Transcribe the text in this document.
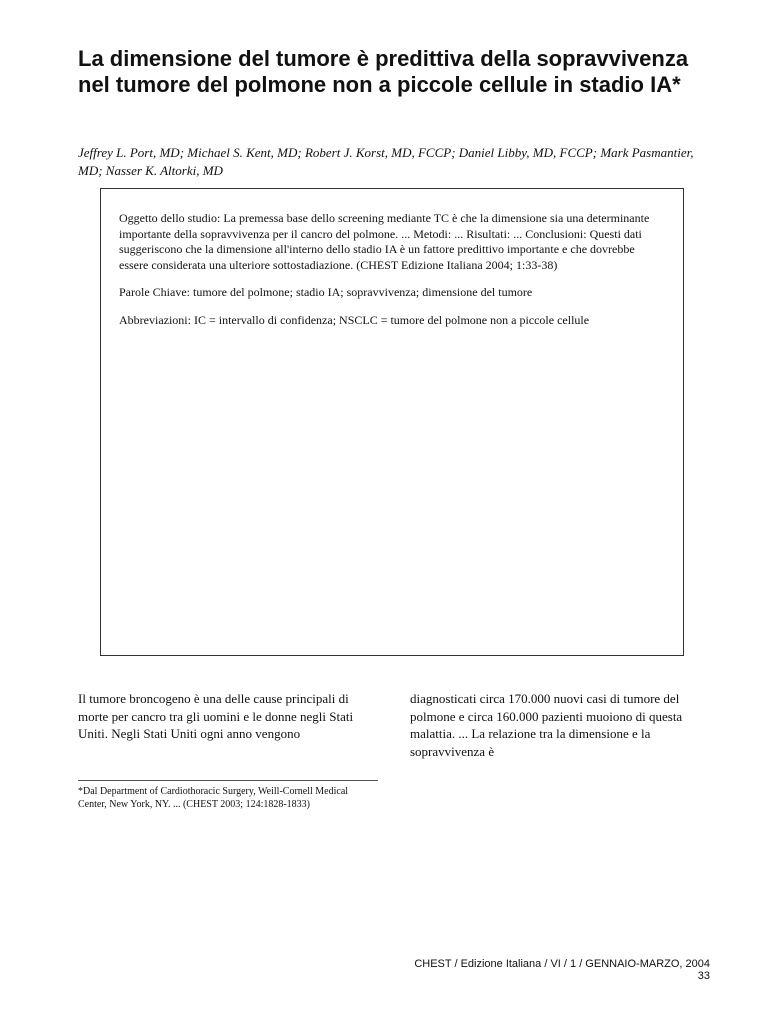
La dimensione del tumore è predittiva della sopravvivenza nel tumore del polmone non a piccole cellule in stadio IA*
Jeffrey L. Port, MD; Michael S. Kent, MD; Robert J. Korst, MD, FCCP; Daniel Libby, MD, FCCP; Mark Pasmantier, MD; Nasser K. Altorki, MD

Oggetto dello studio: La premessa base dello screening mediante TC è che la dimensione sia una determinante importante della sopravvivenza per il cancro del polmone. ... Metodi: ... Risultati: ... Conclusioni: Questi dati suggeriscono che la dimensione all'interno dello stadio IA è un fattore predittivo importante e che dovrebbe essere considerata una ulteriore sottostadiazione. (CHEST Edizione Italiana 2004; 1:33-38)

Parole Chiave: tumore del polmone; stadio IA; sopravvivenza; dimensione del tumore

Abbreviazioni: IC = intervallo di confidenza; NSCLC = tumore del polmone non a piccole cellule

Il tumore broncogeno è una delle cause principali di morte per cancro tra gli uomini e le donne negli Stati Uniti. Negli Stati Uniti ogni anno vengono
*Dal Department of Cardiothoracic Surgery, Weill-Cornell Medical Center, New York, NY. ... (CHEST 2003; 124:1828-1833)
diagnosticati circa 170.000 nuovi casi di tumore del polmone e circa 160.000 pazienti muoiono di questa malattia. ... La relazione tra la dimensione e la sopravvivenza è
CHEST / Edizione Italiana / VI / 1 / GENNAIO-MARZO, 2004 33
